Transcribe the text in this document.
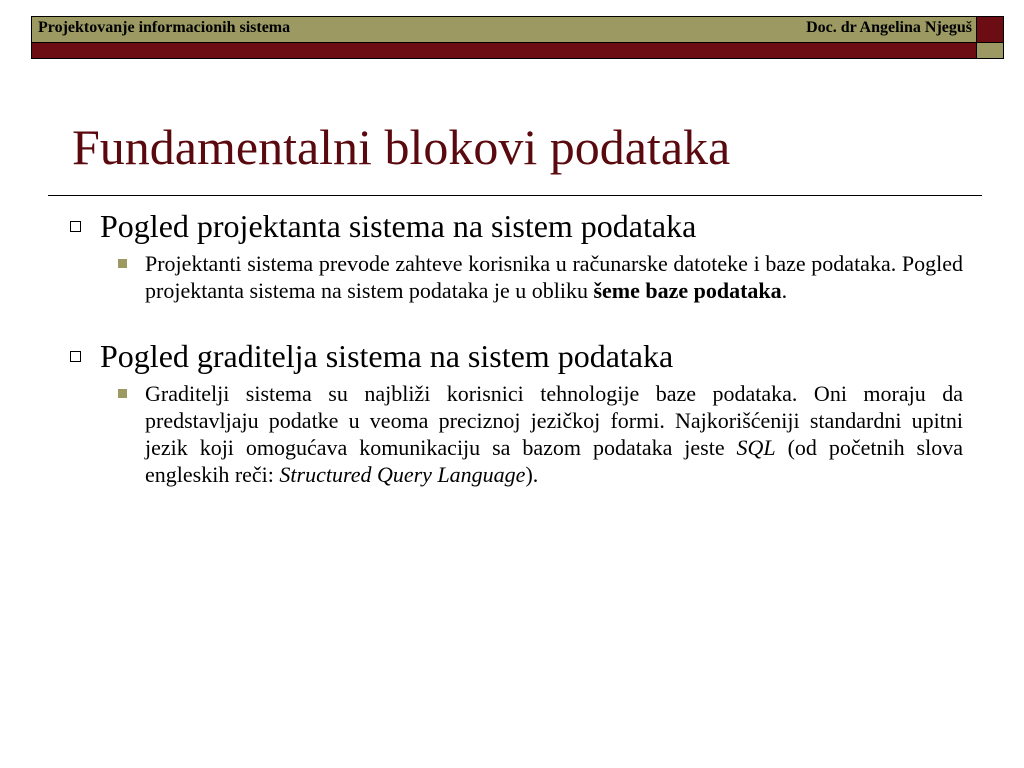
Projektovanje informacionih sistema	Doc. dr Angelina Njeguš
Fundamentalni blokovi podataka

Pogled projektanta sistema na sistem podataka

Projektanti sistema prevode zahteve korisnika u računarske datoteke i baze podataka. Pogled projektanta sistema na sistem podataka je u obliku šeme baze podataka.

Pogled graditelja sistema na sistem podataka

Graditelji sistema su najbliži korisnici tehnologije baze podataka. Oni moraju da predstavljaju podatke u veoma preciznoj jezičkoj formi. Najkorišćeniji standardni upitni jezik koji omogućava komunikaciju sa bazom podataka jeste SQL (od početnih slova engleskih reči: Structured Query Language).
